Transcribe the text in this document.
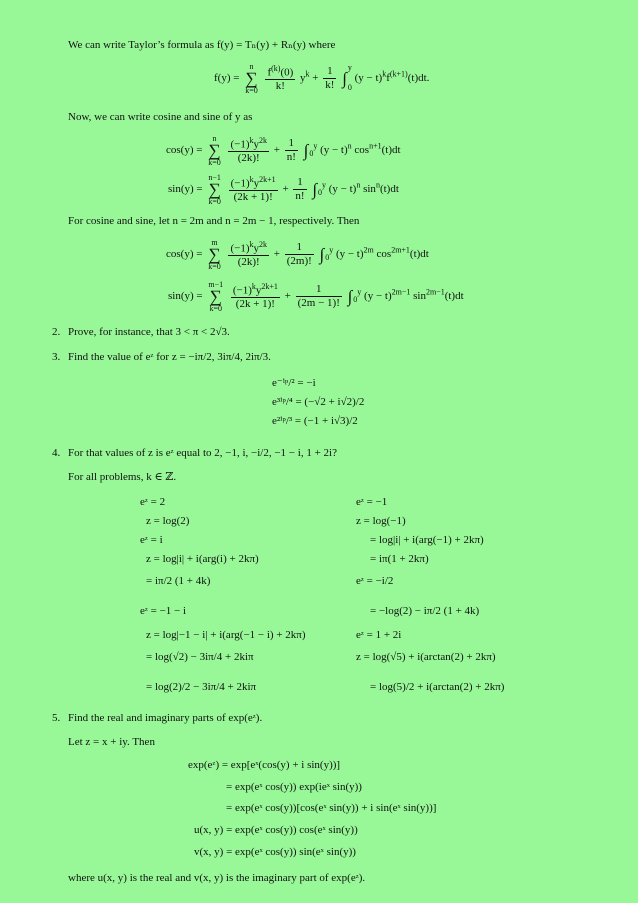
We can write Taylor’s formula as f(y) = Tₙ(y) + Rₙ(y) where
f(y) =
n
∑
k=0
$\frac{f^{(k)}(0)}{k!} y^k + \frac{1}{k!} \int_0^y$ $(y - t)^kf^{(k+1)}(t)dt$.
Now, we can write cosine and sine of y as
cos(y) =
n
∑
k=0
$\frac{(-1)^ky^{2k}}{(2k)!} + \frac{1}{n!} \int_0^y$ $(y - t)^n$ $\cos^{n+1}(t)dt$
sin(y) =
n−1
∑
k=0
$\frac{(-1)^ky^{2k+1}}{(2k + 1)!} + \frac{1}{n!} \int_0^y$ $(y - t)^n$ $\sin^n(t)dt$
For cosine and sine, let n = 2m and n = 2m − 1, respectively. Then
cos(y) =
m
∑
k=0
$\frac{(-1)^ky^{2k}}{(2k)!} + \frac{1}{(2m)!} \int_0^y$ $(y - t)^{2m}$ $\cos^{2m+1}(t)dt$
sin(y) =
m−1
∑
k=0
$\frac{(-1)^ky^{2k+1}}{(2k + 1)!} + \frac{1}{(2m - 1)!} \int_0^y$ $(y - t)^{2m-1}$ $\sin^{2m-1}(t)dt$
2. Prove, for instance, that 3 < π < 2√3.
3. Find the value of eᶻ for z = −iπ/2, 3iπ/4, 2iπ/3.
e⁻ⁱᵖ/² = −i
e³ⁱᵖ/⁴ = (−√2 + i√2)/2
e²ⁱᵖ/³ = (−1 + i√3)/2
4. For that values of z is eᶻ equal to 2, −1, i, −i/2, −1 − i, 1 + 2i?
For all problems, k ∈ ℤ.
eᶻ = 2
z = log(2)
eᶻ = i
z = log|i| + i(arg(i) + 2kπ)
= iπ/2 (1 + 4k)
eᶻ = −1 − i
z = log|−1 − i| + i(arg(−1 − i) + 2kπ)
= log(√2) − 3iπ/4 + 2kiπ
= log(2)/2 − 3iπ/4 + 2kiπ
eᶻ = −1
z = log(−1)
= log|i| + i(arg(−1) + 2kπ)
= iπ(1 + 2kπ)
eᶻ = −i/2
= −log(2) − iπ/2 (1 + 4k)
eᶻ = 1 + 2i
z = log(√5) + i(arctan(2) + 2kπ)
= log(5)/2 + i(arctan(2) + 2kπ)
5. Find the real and imaginary parts of exp(eᶻ).
Let z = x + iy. Then
exp(eᶻ) = exp[eˣ(cos(y) + i sin(y))]
= exp(eˣ cos(y)) exp(ieˣ sin(y))
= exp(eˣ cos(y))[cos(eˣ sin(y)) + i sin(eˣ sin(y))]
u(x, y) = exp(eˣ cos(y)) cos(eˣ sin(y))
v(x, y) = exp(eˣ cos(y)) sin(eˣ sin(y))
where u(x, y) is the real and v(x, y) is the imaginary part of exp(eᶻ).
